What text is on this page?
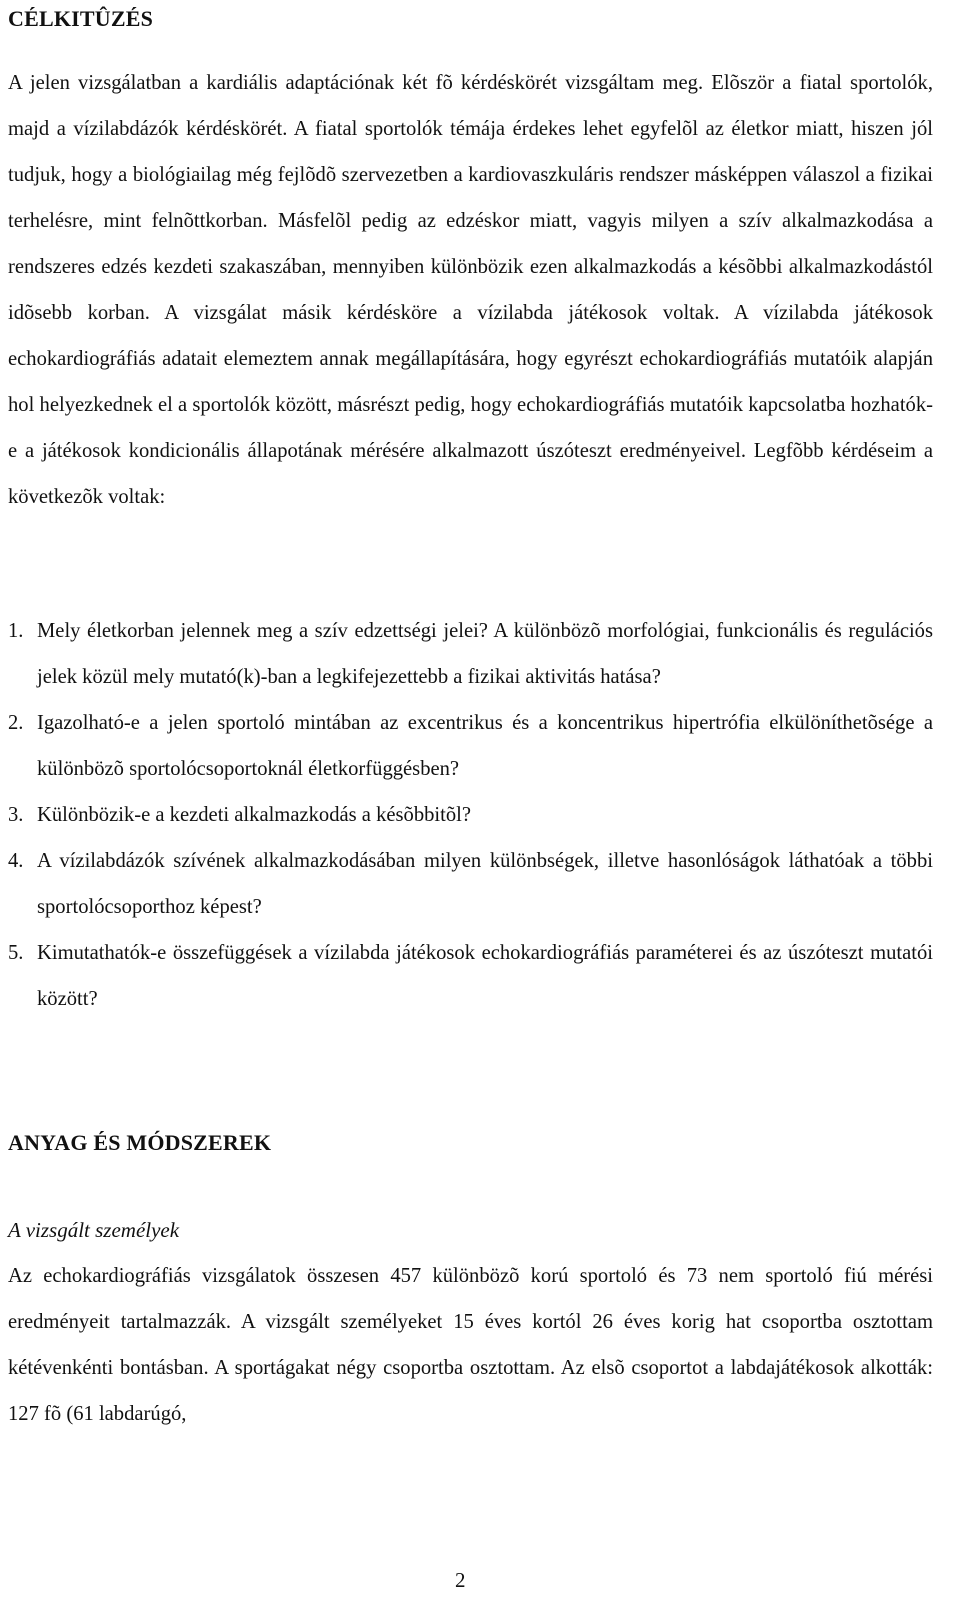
CÉLKITÛZÉS

A jelen vizsgálatban a kardiális adaptációnak két fõ kérdéskörét vizsgáltam meg. Elõször a fiatal sportolók, majd a vízilabdázók kérdéskörét. A fiatal sportolók témája érdekes lehet egyfelõl az életkor miatt, hiszen jól tudjuk, hogy a biológiailag még fejlõdõ szervezetben a kardiovaszkuláris rendszer másképpen válaszol a fizikai terhelésre, mint felnõttkorban. Másfelõl pedig az edzéskor miatt, vagyis milyen a szív alkalmazkodása a rendszeres edzés kezdeti szakaszában, mennyiben különbözik ezen alkalmazkodás a késõbbi alkalmazkodástól idõsebb korban. A vizsgálat másik kérdésköre a vízilabda játékosok voltak. A vízilabda játékosok echokardiográfiás adatait elemeztem annak megállapítására, hogy egyrészt echokardiográfiás mutatóik alapján hol helyezkednek el a sportolók között, másrészt pedig, hogy echokardiográfiás mutatóik kapcsolatba hozhatók-e a játékosok kondicionális állapotának mérésére alkalmazott úszóteszt eredményeivel. Legfõbb kérdéseim a következõk voltak:

1. Mely életkorban jelennek meg a szív edzettségi jelei? A különbözõ morfológiai, funkcionális és regulációs jelek közül mely mutató(k)-ban a legkifejezettebb a fizikai aktivitás hatása?
2. Igazolható-e a jelen sportoló mintában az excentrikus és a koncentrikus hipertrófia elkülöníthetõsége a különbözõ sportolócsoportoknál életkorfüggésben?
3. Különbözik-e a kezdeti alkalmazkodás a késõbbitõl?
4. A vízilabdázók szívének alkalmazkodásában milyen különbségek, illetve hasonlóságok láthatóak a többi sportolócsoporthoz képest?
5. Kimutathatók-e összefüggések a vízilabda játékosok echokardiográfiás paraméterei és az úszóteszt mutatói között?
ANYAG ÉS MÓDSZEREK

A vizsgált személyek

Az echokardiográfiás vizsgálatok összesen 457 különbözõ korú sportoló és 73 nem sportoló fiú mérési eredményeit tartalmazzák. A vizsgált személyeket 15 éves kortól 26 éves korig hat csoportba osztottam kétévenkénti bontásban. A sportágakat négy csoportba osztottam. Az elsõ csoportot a labdajátékosok alkották: 127 fõ (61 labdarúgó,

2
